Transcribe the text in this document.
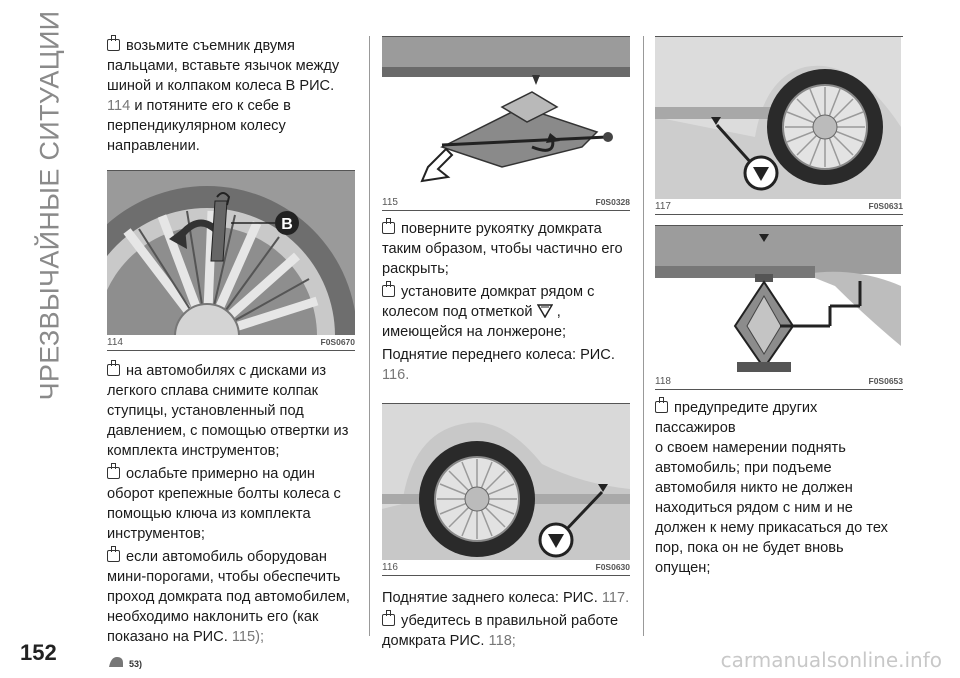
ЧРЕЗВЫЧАЙНЫЕ СИТУАЦИИ
152
возьмите съемник двумя
пальцами, вставьте язычок между
шиной и колпаком колеса B РИС.
114 и потяните его к себе в
перпендикулярном колесу
направлении.
B
114	F0S0670
на автомобилях с дисками из
легкого сплава снимите колпак
ступицы, установленный под
давлением, с помощью отвертки из
комплекта инструментов;
ослабьте примерно на один
оборот крепежные болты колеса с
помощью ключа из комплекта
инструментов;
если автомобиль оборудован
мини-порогами, чтобы обеспечить
проход домкрата под автомобилем,
необходимо наклонить его (как
показано на РИС. 115);
53)
115	F0S0328
поверните рукоятку домкрата
таким образом, чтобы частично его
раскрыть;
установите домкрат рядом с
колесом под отметкой ,
имеющейся на лонжероне;
Поднятие переднего колеса: РИС.
116.
116	F0S0630
Поднятие заднего колеса: РИС. 117.
убедитесь в правильной работе
домкрата РИС. 118;
117	F0S0631
118	F0S0653
предупредите других пассажиров
о своем намерении поднять
автомобиль; при подъеме
автомобиля никто не должен
находиться рядом с ним и не
должен к нему прикасаться до тех
пор, пока он не будет вновь опущен;
carmanualsonline.info
